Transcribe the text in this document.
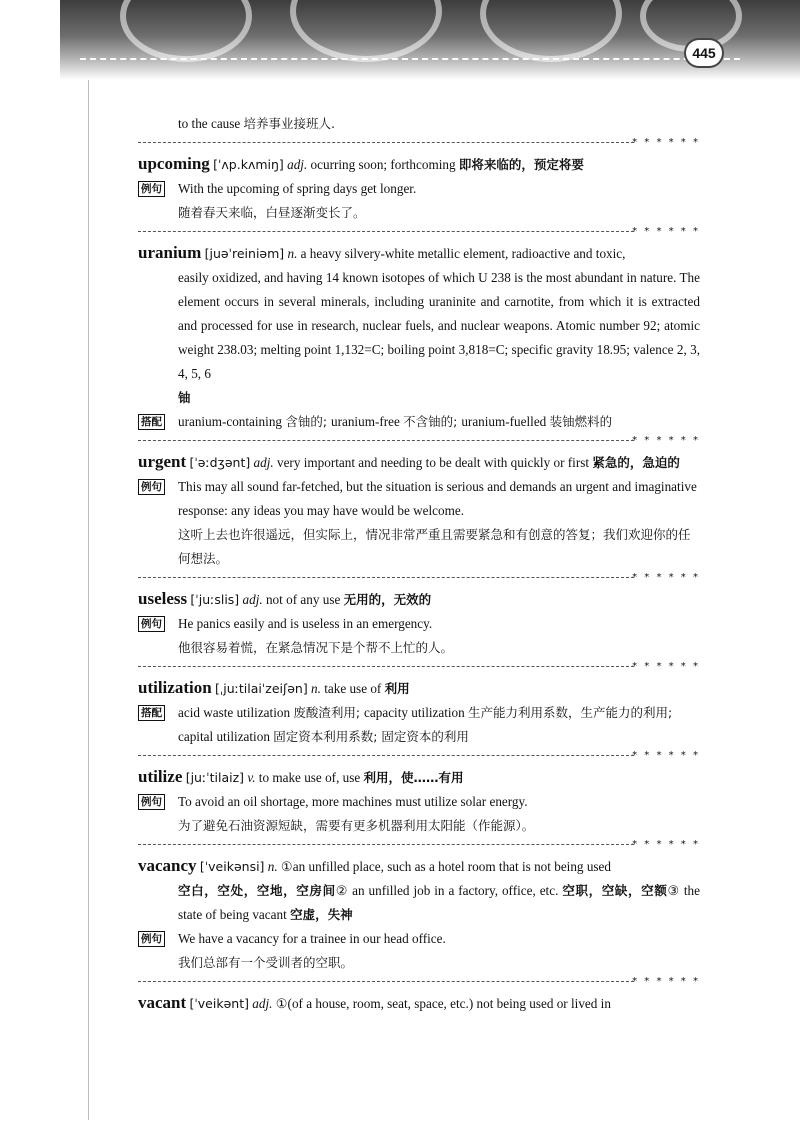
445
to the cause 培养事业接班人.
* * * * * *
upcoming [ˈʌp.kʌmiŋ] adj. ocurring soon; forthcoming 即将来临的，预定将要
例句 With the upcoming of spring days get longer.
随着春天来临，白昼逐渐变长了。
* * * * * *
uranium [juəˈreiniəm] n. a heavy silvery-white metallic element, radioactive and toxic,
easily oxidized, and having 14 known isotopes of which U 238 is the most abundant in nature. The element occurs in several minerals, including uraninite and carnotite, from which it is extracted and processed for use in research, nuclear fuels, and nuclear weapons. Atomic number 92; atomic weight 238.03; melting point 1,132=C; boiling point 3,818=C; specific gravity 18.95; valence 2, 3, 4, 5, 6
铀
搭配 uranium-containing 含铀的; uranium-free 不含铀的; uranium-fuelled 装铀燃料的
* * * * * *
urgent [ˈəːdʒənt] adj. very important and needing to be dealt with quickly or first 紧急的，急迫的
例句 This may all sound far-fetched, but the situation is serious and demands an urgent and imaginative response: any ideas you may have would be welcome.
这听上去也许很遥远，但实际上，情况非常严重且需要紧急和有创意的答复；我们欢迎你的任何想法。
* * * * * *
useless [ˈjuːslis] adj. not of any use 无用的，无效的
例句 He panics easily and is useless in an emergency.
他很容易着慌，在紧急情况下是个帮不上忙的人。
* * * * * *
utilization [ˌjuːtilaiˈzeiʃən] n. take use of 利用
搭配 acid waste utilization 废酸渣利用; capacity utilization 生产能力利用系数，生产能力的利用; capital utilization 固定资本利用系数; 固定资本的利用
* * * * * *
utilize [juːˈtilaiz] v. to make use of, use 利用，使……有用
例句 To avoid an oil shortage, more machines must utilize solar energy.
为了避免石油资源短缺，需要有更多机器利用太阳能（作能源）。
* * * * * *
vacancy [ˈveikənsi] n. ①an unfilled place, such as a hotel room that is not being used
空白，空处，空地，空房间② an unfilled job in a factory, office, etc. 空职，空缺，空额③ the state of being vacant 空虚，失神
例句 We have a vacancy for a trainee in our head office.
我们总部有一个受训者的空职。
* * * * * *
vacant [ˈveikənt] adj. ①(of a house, room, seat, space, etc.) not being used or lived in
